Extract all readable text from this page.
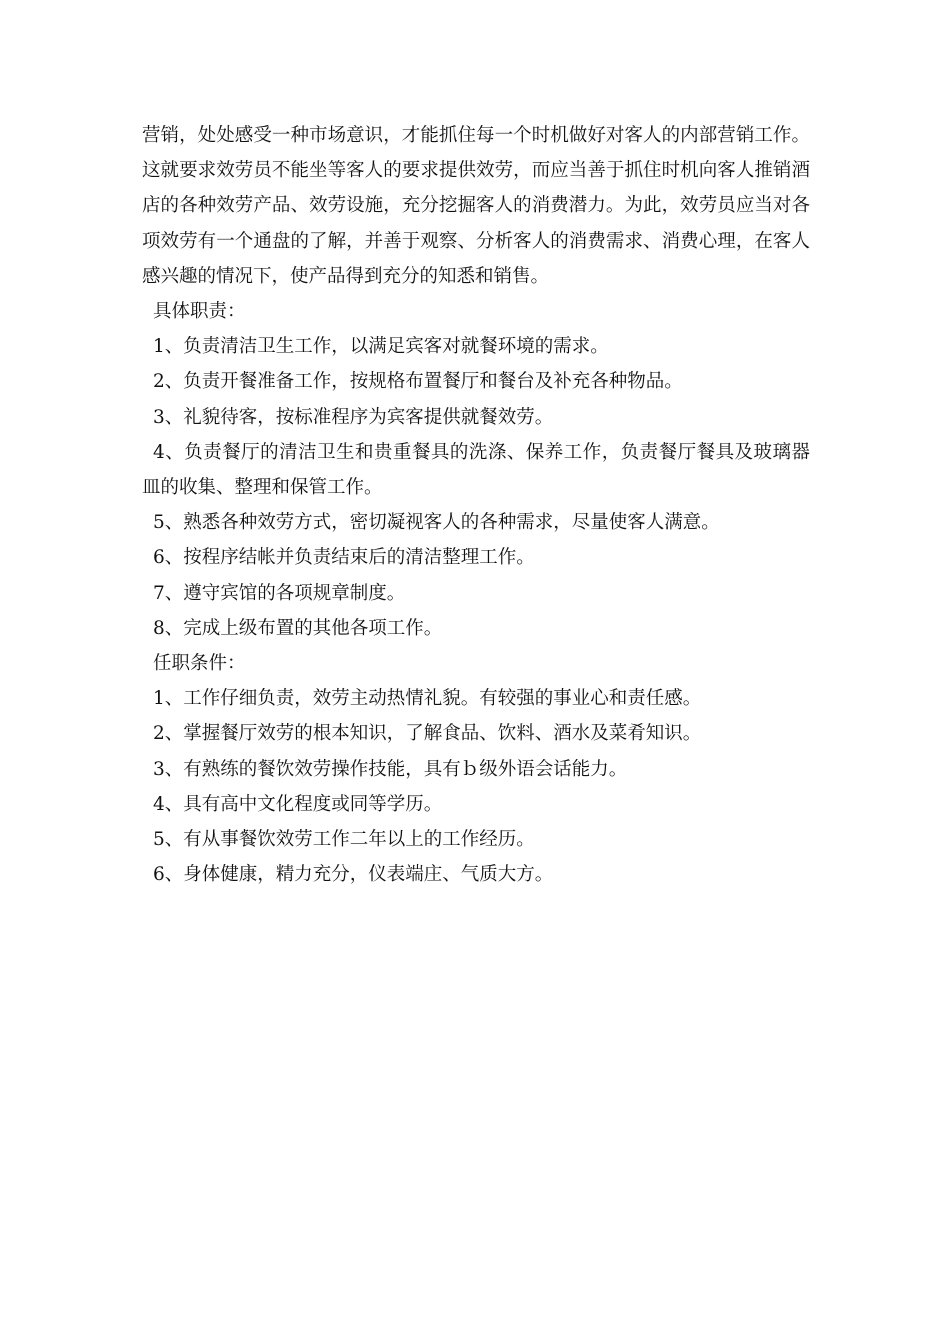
营销，处处感受一种市场意识，才能抓住每一个时机做好对客人的内部营销工作。这就要求效劳员不能坐等客人的要求提供效劳，而应当善于抓住时机向客人推销酒店的各种效劳产品、效劳设施，充分挖掘客人的消费潜力。为此，效劳员应当对各项效劳有一个通盘的了解，并善于观察、分析客人的消费需求、消费心理，在客人感兴趣的情况下，使产品得到充分的知悉和销售。

具体职责：

1、负责清洁卫生工作，以满足宾客对就餐环境的需求。

2、负责开餐准备工作，按规格布置餐厅和餐台及补充各种物品。

3、礼貌待客，按标准程序为宾客提供就餐效劳。

4、负责餐厅的清洁卫生和贵重餐具的洗涤、保养工作，负责餐厅餐具及玻璃器皿的收集、整理和保管工作。

5、熟悉各种效劳方式，密切凝视客人的各种需求，尽量使客人满意。

6、按程序结帐并负责结束后的清洁整理工作。

7、遵守宾馆的各项规章制度。

8、完成上级布置的其他各项工作。

任职条件：

1、工作仔细负责，效劳主动热情礼貌。有较强的事业心和责任感。

2、掌握餐厅效劳的根本知识，了解食品、饮料、酒水及菜肴知识。

3、有熟练的餐饮效劳操作技能，具有ｂ级外语会话能力。

4、具有高中文化程度或同等学历。

5、有从事餐饮效劳工作二年以上的工作经历。

6、身体健康，精力充分，仪表端庄、气质大方。
